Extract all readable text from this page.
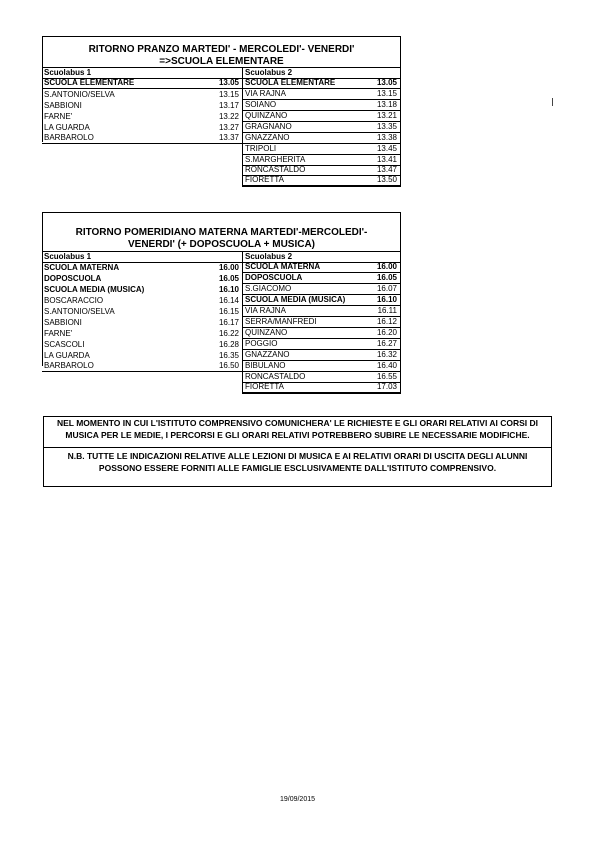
RITORNO PRANZO MARTEDI' - MERCOLEDI'- VENERDI'
=>SCUOLA ELEMENTARE
Scuolabus 1
SCUOLA ELEMENTARE	13.05
S.ANTONIO/SELVA	13.15
SABBIONI	13.17
FARNE'	13.22
LA GUARDA	13.27
BARBAROLO	13.37
Scuolabus 2
SCUOLA ELEMENTARE	13.05
VIA RAJNA	13.15
SOIANO	13.18
QUINZANO	13.21
GRAGNANO	13.35
GNAZZANO	13.38
TRIPOLI	13.45
S.MARGHERITA	13.41
RONCASTALDO	13.47
FIORETTA	13.50
RITORNO POMERIDIANO MATERNA MARTEDI'-MERCOLEDI'-
VENERDI' (+ DOPOSCUOLA + MUSICA)
Scuolabus 1
SCUOLA MATERNA	16.00
DOPOSCUOLA	16.05
SCUOLA MEDIA (MUSICA)	16.10
BOSCARACCIO	16.14
S.ANTONIO/SELVA	16.15
SABBIONI	16.17
FARNE'	16.22
SCASCOLI	16.28
LA GUARDA	16.35
BARBAROLO	16.50
Scuolabus 2
SCUOLA MATERNA	16.00
DOPOSCUOLA	16.05
S.GIACOMO	16.07
SCUOLA MEDIA (MUSICA)	16.10
VIA RAJNA	16.11
SERRA/MANFREDI	16.12
QUINZANO	16.20
POGGIO	16.27
GNAZZANO	16.32
BIBULANO	16.40
RONCASTALDO	16.55
FIORETTA	17.03
NEL MOMENTO IN CUI L'ISTITUTO COMPRENSIVO COMUNICHERA' LE RICHIESTE E GLI ORARI RELATIVI AI CORSI DI MUSICA PER LE MEDIE, I PERCORSI E GLI ORARI RELATIVI POTREBBERO SUBIRE LE NECESSARIE MODIFICHE.
N.B. TUTTE LE INDICAZIONI RELATIVE ALLE LEZIONI DI MUSICA E AI RELATIVI ORARI DI USCITA DEGLI ALUNNI POSSONO ESSERE FORNITI ALLE FAMIGLIE ESCLUSIVAMENTE DALL'ISTITUTO COMPRENSIVO.
19/09/2015
